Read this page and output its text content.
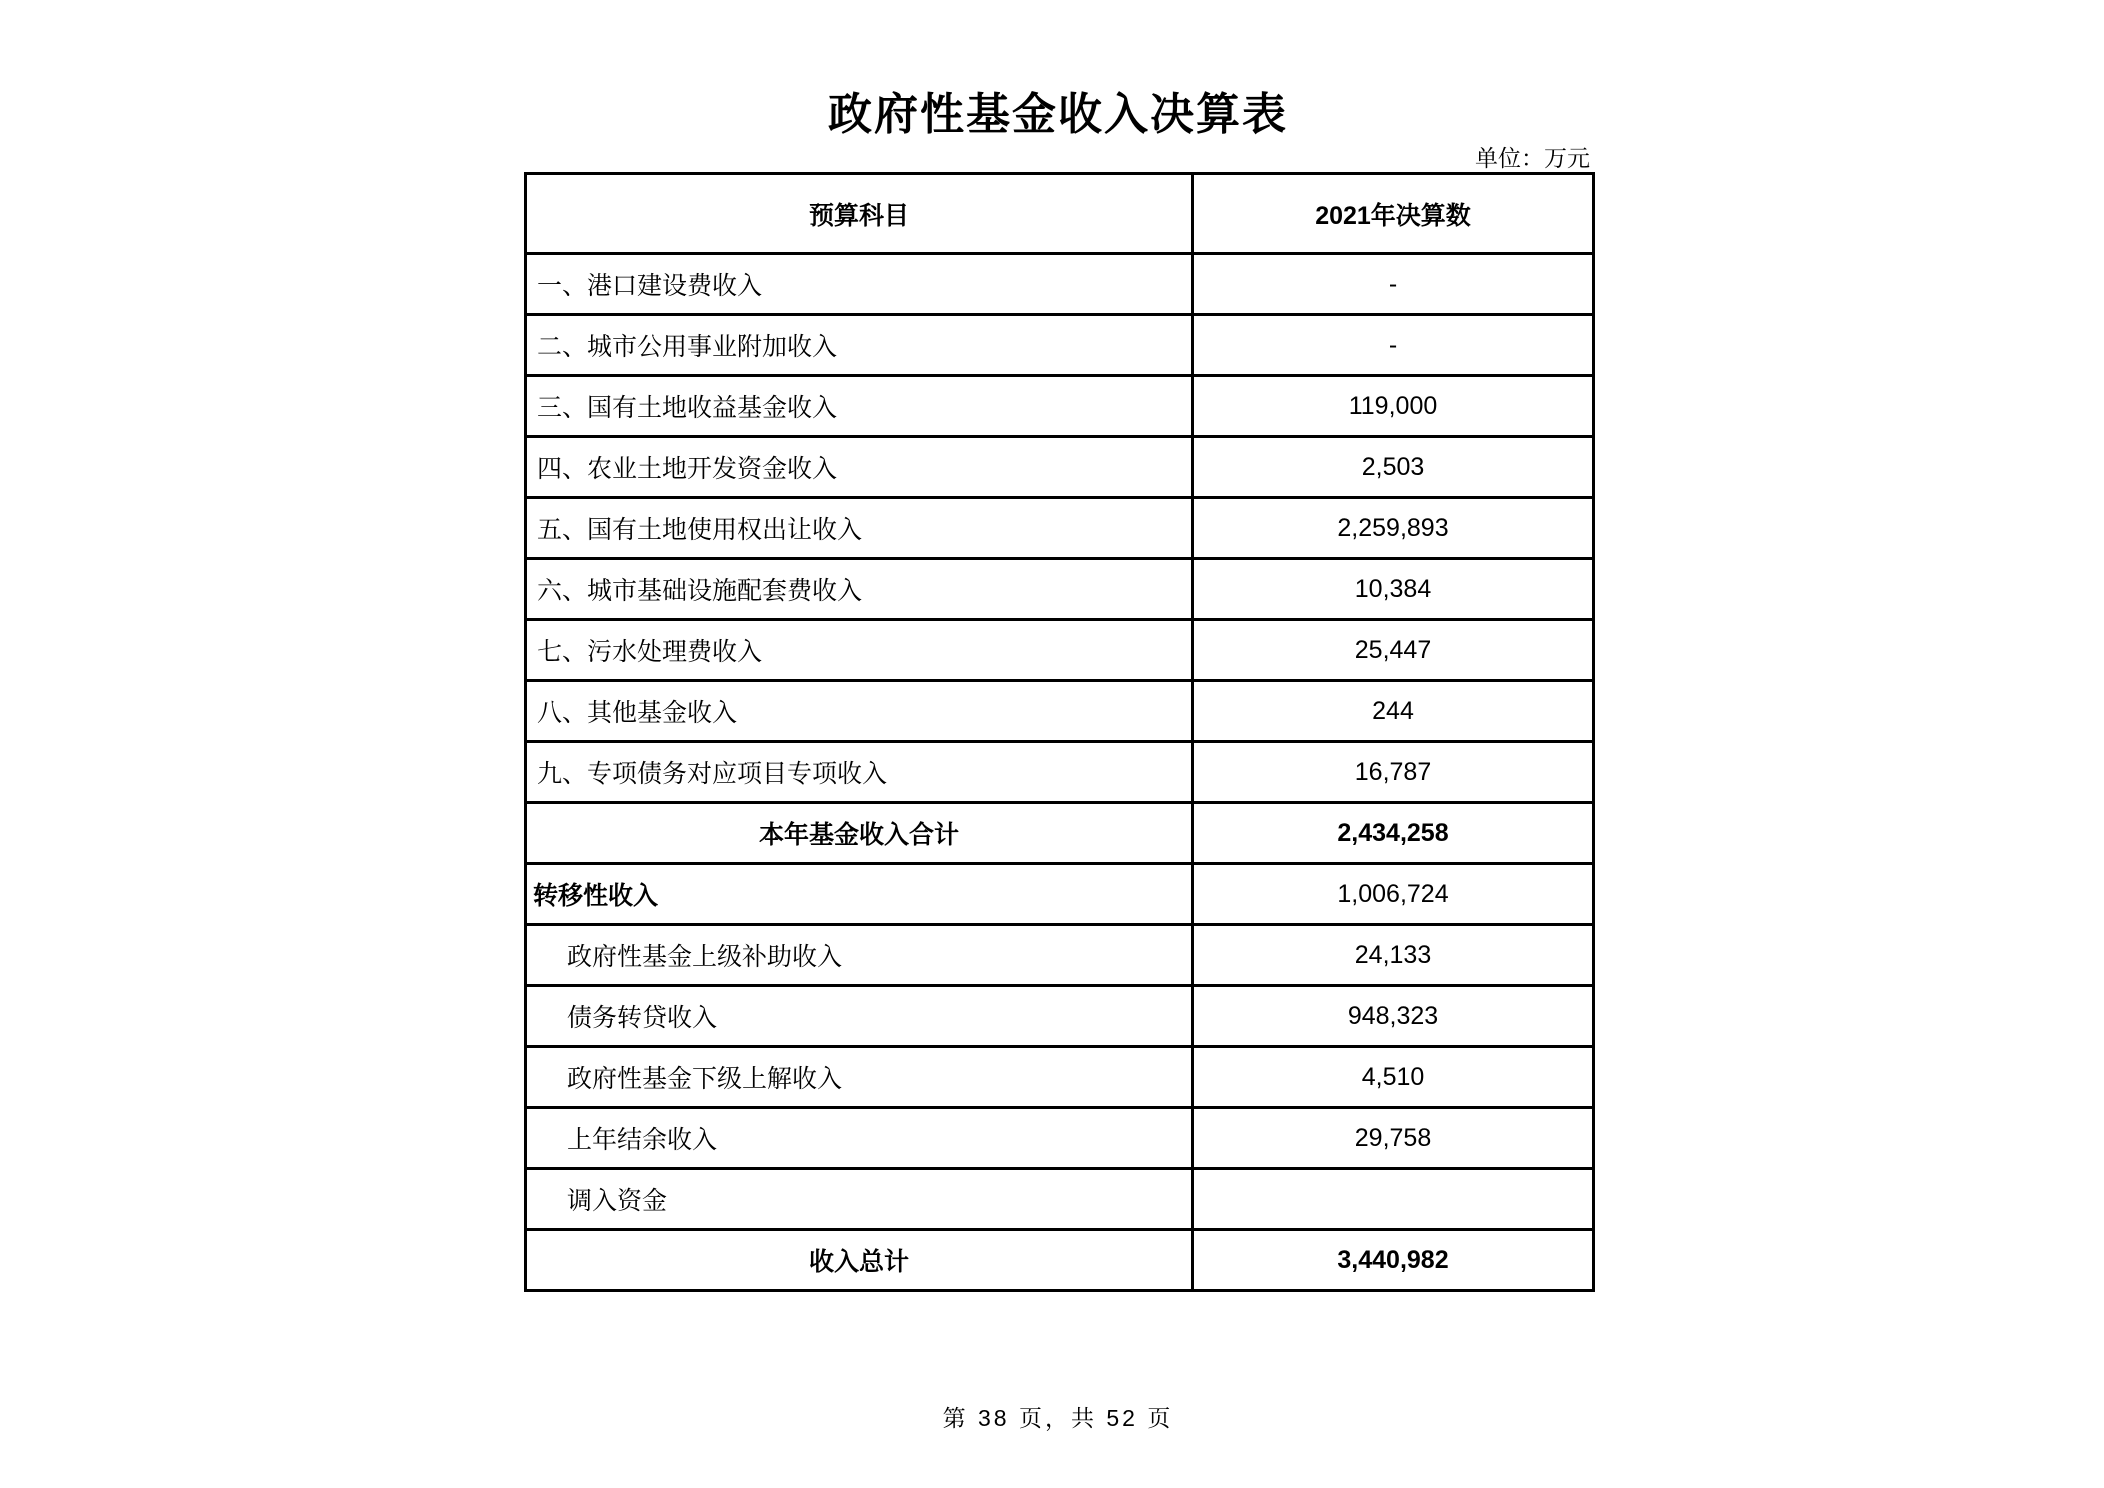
政府性基金收入决算表
单位：万元
预算科目	2021年决算数
一、港口建设费收入	-
二、城市公用事业附加收入	-
三、国有土地收益基金收入	119,000
四、农业土地开发资金收入	2,503
五、国有土地使用权出让收入	2,259,893
六、城市基础设施配套费收入	10,384
七、污水处理费收入	25,447
八、其他基金收入	244
九、专项债务对应项目专项收入	16,787
本年基金收入合计	2,434,258
转移性收入	1,006,724
政府性基金上级补助收入	24,133
债务转贷收入	948,323
政府性基金下级上解收入	4,510
上年结余收入	29,758
调入资金	
收入总计	3,440,982
第 38 页，共 52 页
